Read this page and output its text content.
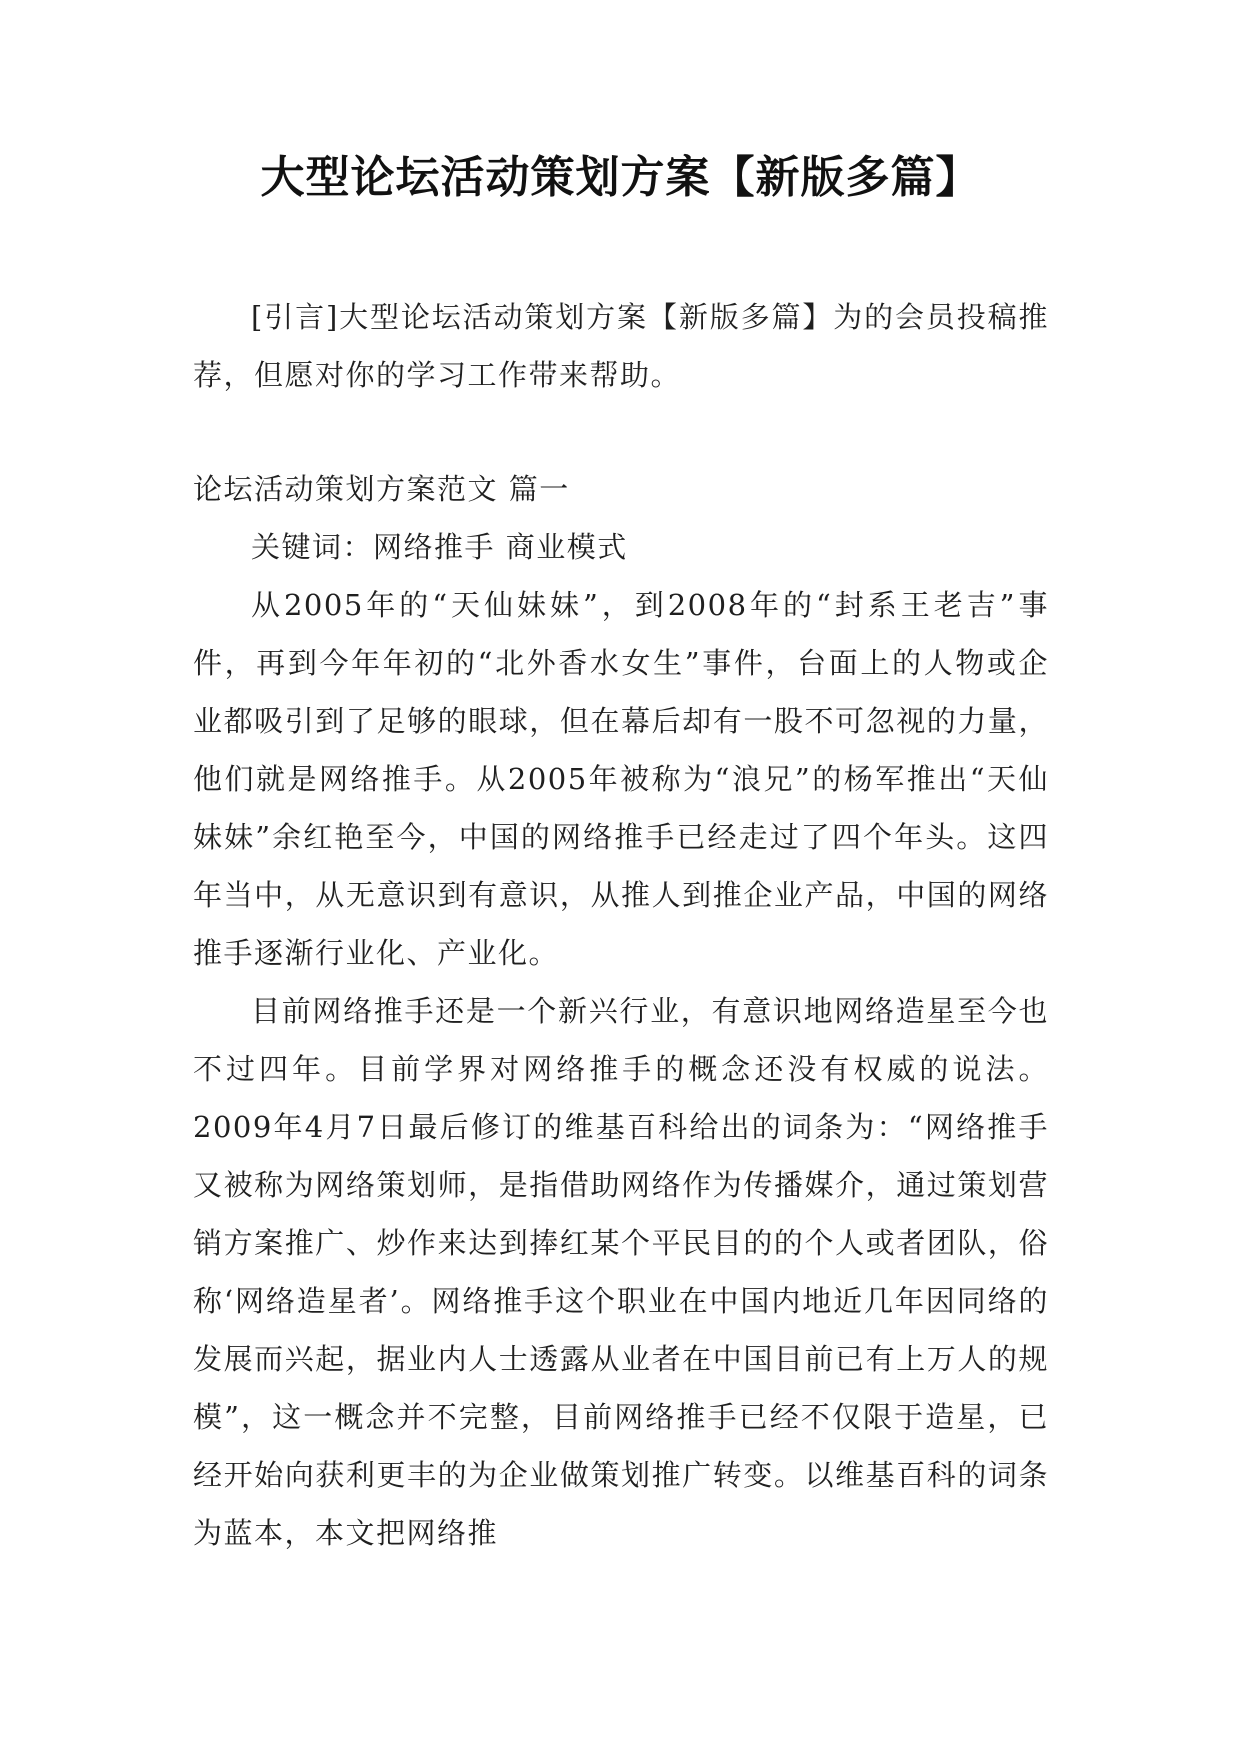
大型论坛活动策划方案【新版多篇】

[引言]大型论坛活动策划方案【新版多篇】为的会员投稿推荐，但愿对你的学习工作带来帮助。

论坛活动策划方案范文 篇一

关键词：网络推手 商业模式

从2005年的“天仙妹妹”，到2008年的“封系王老吉”事件，再到今年年初的“北外香水女生”事件，台面上的人物或企业都吸引到了足够的眼球，但在幕后却有一股不可忽视的力量，他们就是网络推手。从2005年被称为“浪兄”的杨军推出“天仙妹妹”余红艳至今，中国的网络推手已经走过了四个年头。这四年当中，从无意识到有意识，从推人到推企业产品，中国的网络推手逐渐行业化、产业化。

目前网络推手还是一个新兴行业，有意识地网络造星至今也不过四年。目前学界对网络推手的概念还没有权威的说法。2009年4月7日最后修订的维基百科给出的词条为：“网络推手又被称为网络策划师，是指借助网络作为传播媒介，通过策划营销方案推广、炒作来达到捧红某个平民目的的个人或者团队，俗称‘网络造星者’。网络推手这个职业在中国内地近几年因同络的发展而兴起，据业内人士透露从业者在中国目前已有上万人的规模”，这一概念并不完整，目前网络推手已经不仅限于造星，已经开始向获利更丰的为企业做策划推广转变。以维基百科的词条为蓝本，本文把网络推
